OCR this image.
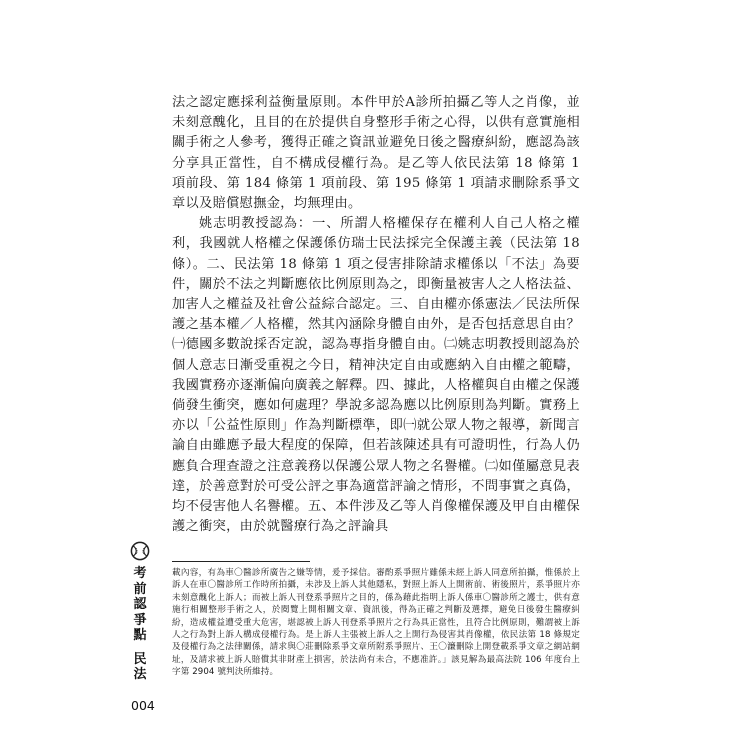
法之認定應採利益衡量原則。本件甲於A診所拍攝乙等人之肖像，並未刻意醜化，且目的在於提供自身整形手術之心得，以供有意實施相關手術之人參考，獲得正確之資訊並避免日後之醫療糾紛，應認為該分享具正當性，自不構成侵權行為。是乙等人依民法第 18 條第 1 項前段、第 184 條第 1 項前段、第 195 條第 1 項請求刪除系爭文章以及賠償慰撫金，均無理由。

姚志明教授認為：一、所謂人格權保存在權利人自己人格之權利，我國就人格權之保護係仿瑞士民法採完全保護主義（民法第 18 條）。二、民法第 18 條第 1 項之侵害排除請求權係以「不法」為要件，關於不法之判斷應依比例原則為之，即衡量被害人之人格法益、加害人之權益及社會公益綜合認定。三、自由權亦係憲法／民法所保護之基本權／人格權，然其內涵除身體自由外，是否包括意思自由？㈠德國多數說採否定說，認為專指身體自由。㈡姚志明教授則認為於個人意志日漸受重視之今日，精神決定自由或應納入自由權之範疇，我國實務亦逐漸偏向廣義之解釋。四、據此，人格權與自由權之保護倘發生衝突，應如何處理？學說多認為應以比例原則為判斷。實務上亦以「公益性原則」作為判斷標準，即㈠就公眾人物之報導，新聞言論自由雖應予最大程度的保障，但若該陳述具有可證明性，行為人仍應負合理查證之注意義務以保護公眾人物之名譽權。㈡如僅屬意見表達，於善意對於可受公評之事為適當評論之情形，不問事實之真偽，均不侵害他人名譽權。五、本件涉及乙等人肖像權保護及甲自由權保護之衝突，由於就醫療行為之評論具

考
前
認
爭
點
民
法
載內容，有為車〇醫診所廣告之嫌等情，爰予採信。審酌系爭照片雖係未經上訴人同意所拍攝，惟係於上訴人在車〇醫診所工作時所拍攝，未涉及上訴人其他隱私，對照上訴人上開術前、術後照片，系爭照片亦未刻意醜化上訴人；而被上訴人刊登系爭照片之目的，係為藉此指明上訴人係車〇醫診所之護士，供有意施行相關整形手術之人，於閱覽上開相關文章、資訊後，得為正確之判斷及選擇，避免日後發生醫療糾紛，造成權益遭受重大危害，堪認被上訴人刊登系爭照片之行為具正當性，且符合比例原則，難謂被上訴人之行為對上訴人構成侵權行為。是上訴人主張被上訴人之上開行為侵害其肖像權，依民法第 18 條規定及侵權行為之法律關係，請求與〇莊刪除系爭文章所附系爭照片、王〇濂刪除上開登載系爭文章之網站網址，及請求被上訴人賠償其非財產上損害，於法尚有未合，不應准許。」該見解為最高法院 106 年度台上字第 2904 號判決所維持。
004
